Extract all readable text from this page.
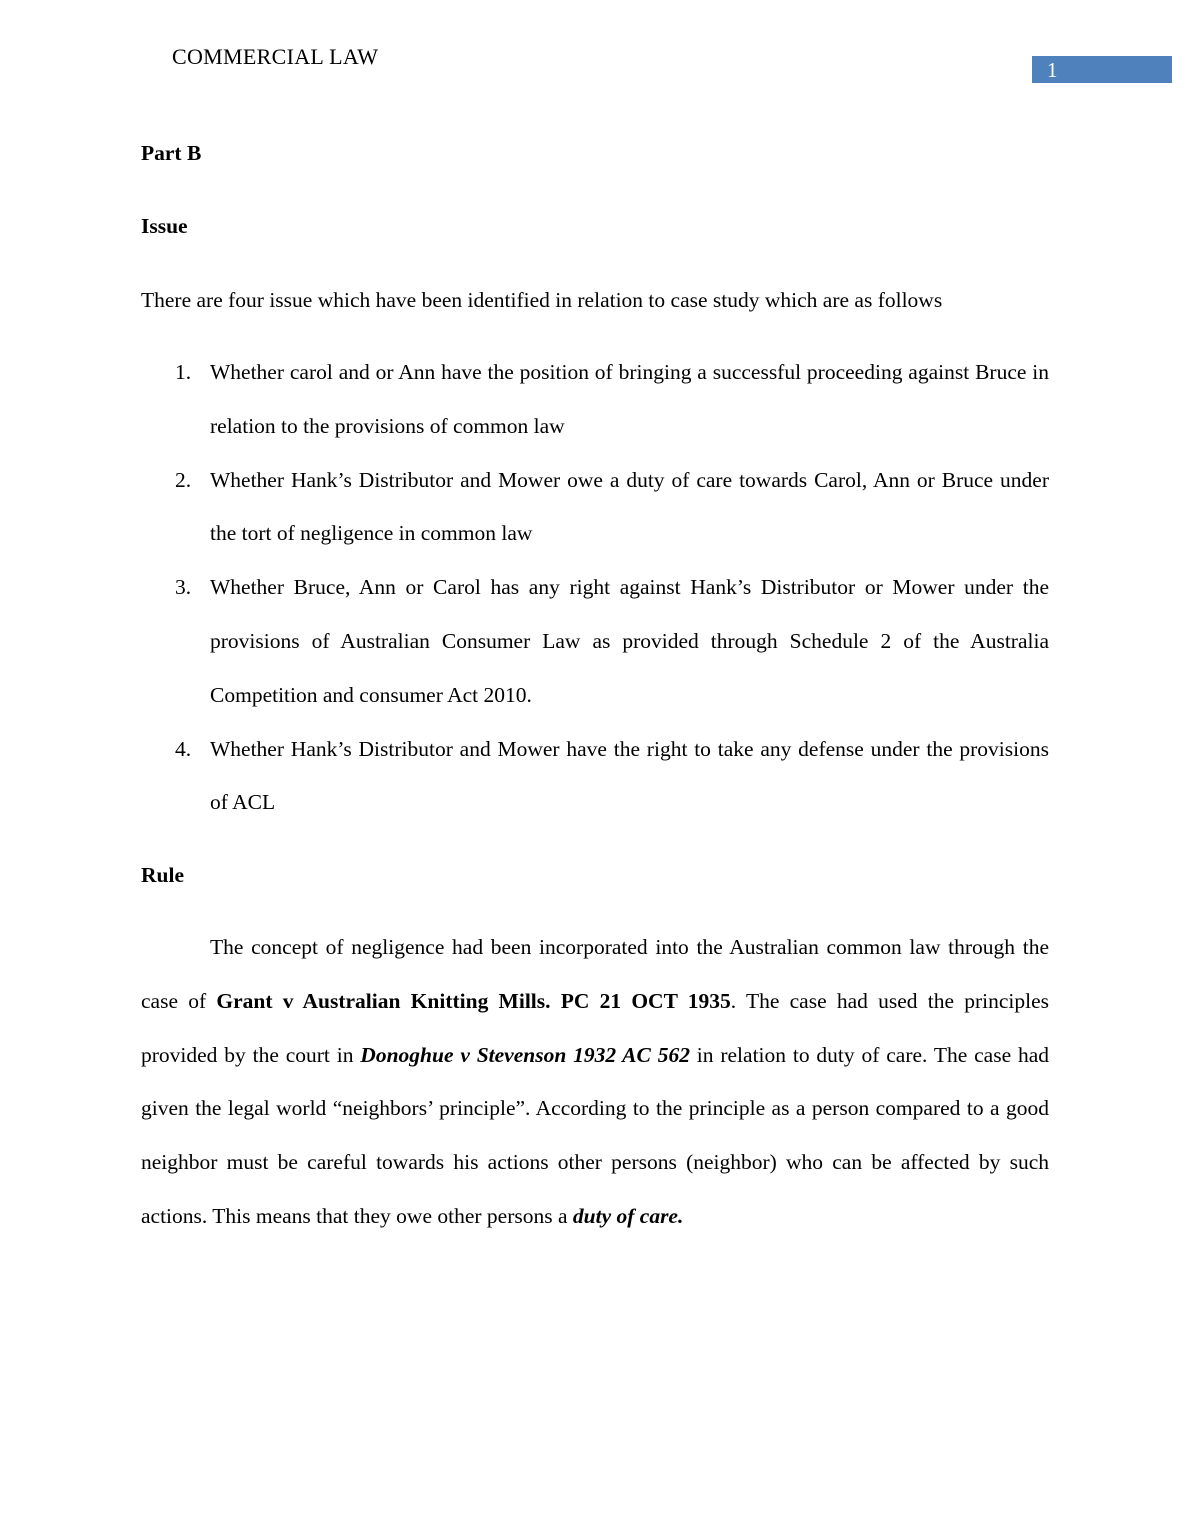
COMMERCIAL LAW
1
Part B
Issue
There are four issue which have been identified in relation to case study which are as follows
1. Whether carol and or Ann have the position of bringing a successful proceeding against Bruce in relation to the provisions of common law
2. Whether Hank’s Distributor and Mower owe a duty of care towards Carol, Ann or Bruce under the tort of negligence in common law
3. Whether Bruce, Ann or Carol has any right against Hank’s Distributor or Mower under the provisions of Australian Consumer Law as provided through Schedule 2 of the Australia Competition and consumer Act 2010.
4. Whether Hank’s Distributor and Mower have the right to take any defense under the provisions of ACL
Rule

The concept of negligence had been incorporated into the Australian common law through the case of Grant v Australian Knitting Mills. PC 21 OCT 1935. The case had used the principles provided by the court in Donoghue v Stevenson 1932 AC 562 in relation to duty of care. The case had given the legal world “neighbors’ principle”. According to the principle as a person compared to a good neighbor must be careful towards his actions other persons (neighbor) who can be affected by such actions. This means that they owe other persons a duty of care.
